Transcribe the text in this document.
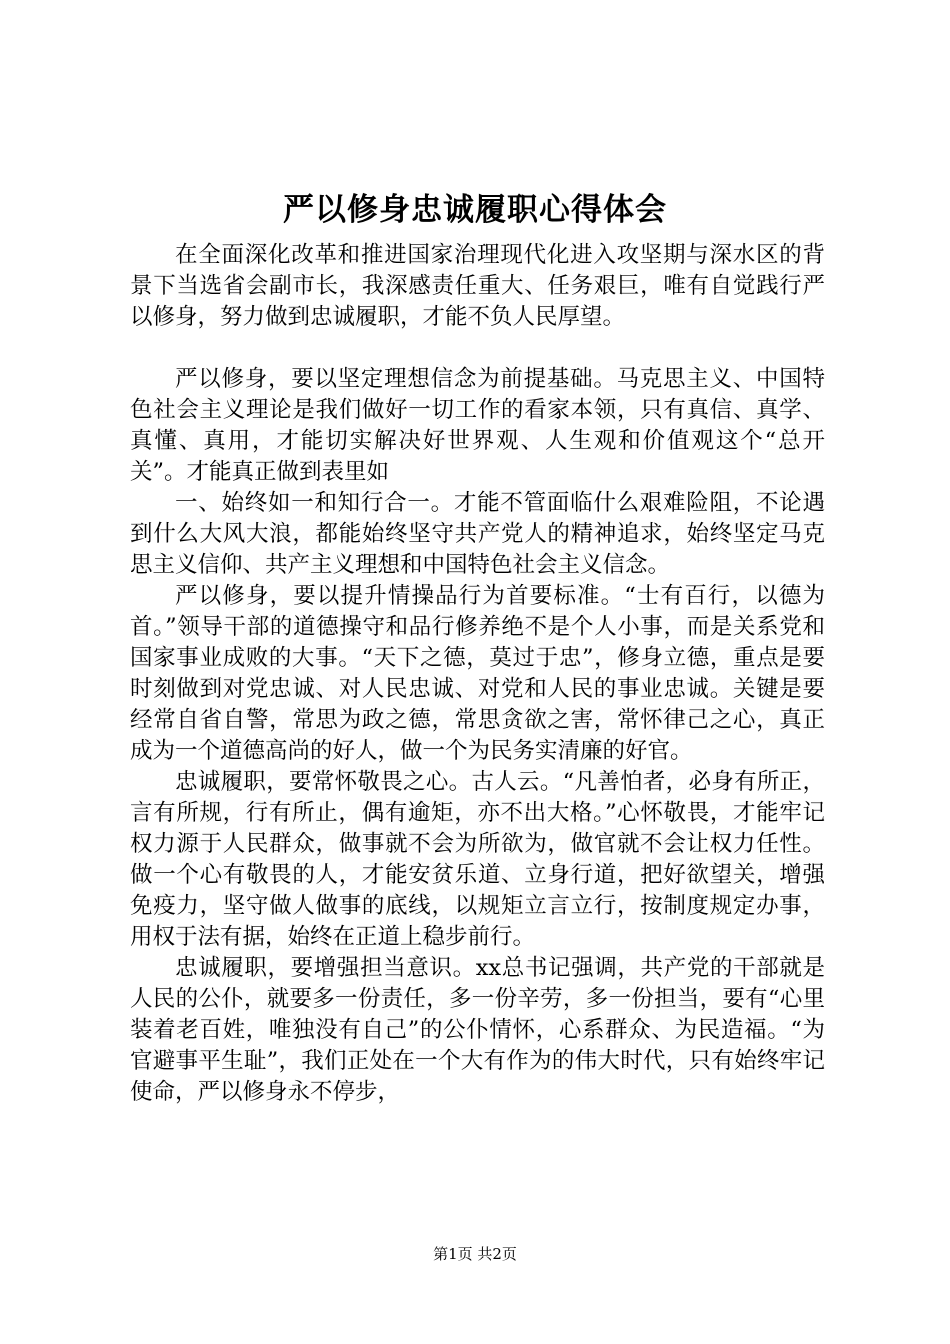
严以修身忠诚履职心得体会

在全面深化改革和推进国家治理现代化进入攻坚期与深水区的背景下当选省会副市长，我深感责任重大、任务艰巨，唯有自觉践行严以修身，努力做到忠诚履职，才能不负人民厚望。

严以修身，要以坚定理想信念为前提基础。马克思主义、中国特色社会主义理论是我们做好一切工作的看家本领，只有真信、真学、真懂、真用，才能切实解决好世界观、人生观和价值观这个“总开关”。才能真正做到表里如

一、始终如一和知行合一。才能不管面临什么艰难险阻，不论遇到什么大风大浪，都能始终坚守共产党人的精神追求，始终坚定马克思主义信仰、共产主义理想和中国特色社会主义信念。

严以修身，要以提升情操品行为首要标准。“士有百行，以德为首。”领导干部的道德操守和品行修养绝不是个人小事，而是关系党和国家事业成败的大事。“天下之德，莫过于忠”，修身立德，重点是要时刻做到对党忠诚、对人民忠诚、对党和人民的事业忠诚。关键是要经常自省自警，常思为政之德，常思贪欲之害，常怀律己之心，真正成为一个道德高尚的好人，做一个为民务实清廉的好官。

忠诚履职，要常怀敬畏之心。古人云。“凡善怕者，必身有所正，言有所规，行有所止，偶有逾矩，亦不出大格。”心怀敬畏，才能牢记权力源于人民群众，做事就不会为所欲为，做官就不会让权力任性。做一个心有敬畏的人，才能安贫乐道、立身行道，把好欲望关，增强免疫力，坚守做人做事的底线，以规矩立言立行，按制度规定办事，用权于法有据，始终在正道上稳步前行。

忠诚履职，要增强担当意识。xx总书记强调，共产党的干部就是人民的公仆，就要多一份责任，多一份辛劳，多一份担当，要有“心里装着老百姓，唯独没有自己”的公仆情怀，心系群众、为民造福。“为官避事平生耻”，我们正处在一个大有作为的伟大时代，只有始终牢记使命，严以修身永不停步，

第1页 共2页
